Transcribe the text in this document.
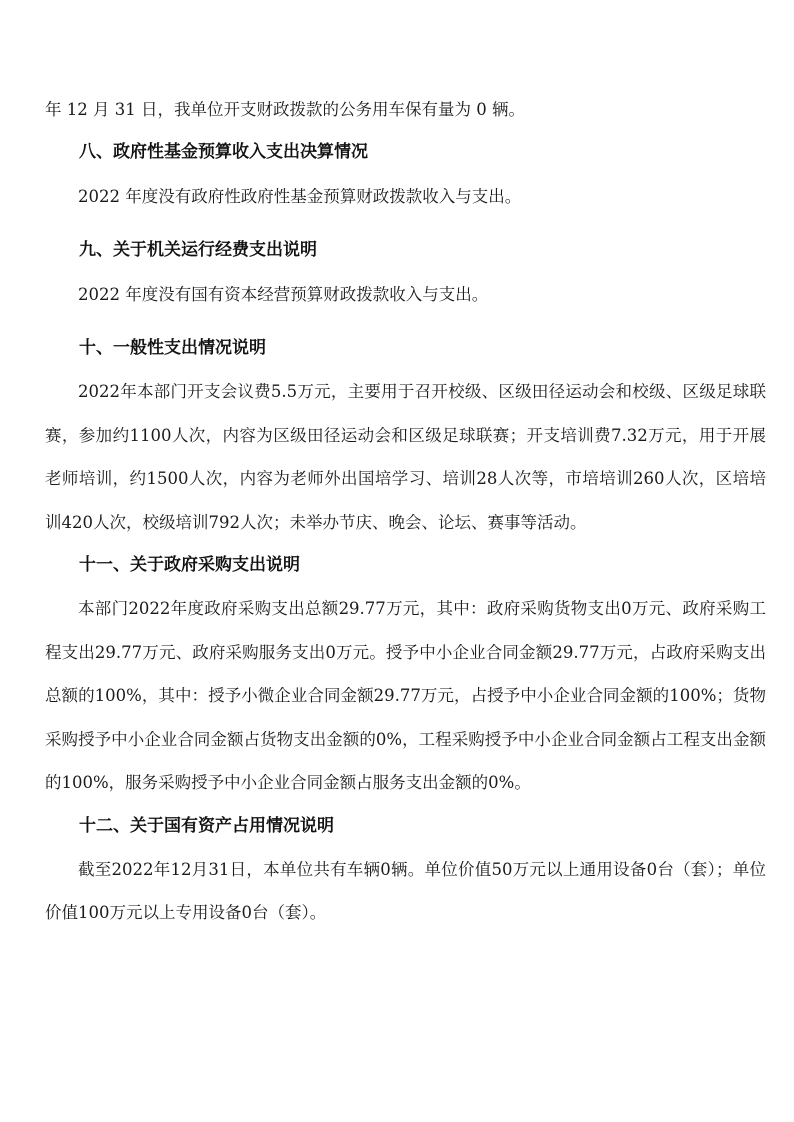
年 12 月 31 日，我单位开支财政拨款的公务用车保有量为 0 辆。

八、政府性基金预算收入支出决算情况

2022 年度没有政府性政府性基金预算财政拨款收入与支出。

九、关于机关运行经费支出说明

2022 年度没有国有资本经营预算财政拨款收入与支出。

十、一般性支出情况说明

2022年本部门开支会议费5.5万元，主要用于召开校级、区级田径运动会和校级、区级足球联赛，参加约1100人次，内容为区级田径运动会和区级足球联赛；开支培训费7.32万元，用于开展老师培训，约1500人次，内容为老师外出国培学习、培训28人次等，市培培训260人次，区培培训420人次，校级培训792人次；未举办节庆、晚会、论坛、赛事等活动。

十一、关于政府采购支出说明

本部门2022年度政府采购支出总额29.77万元，其中：政府采购货物支出0万元、政府采购工程支出29.77万元、政府采购服务支出0万元。授予中小企业合同金额29.77万元，占政府采购支出总额的100%，其中：授予小微企业合同金额29.77万元，占授予中小企业合同金额的100%；货物采购授予中小企业合同金额占货物支出金额的0%，工程采购授予中小企业合同金额占工程支出金额的100%，服务采购授予中小企业合同金额占服务支出金额的0%。

十二、关于国有资产占用情况说明

截至2022年12月31日，本单位共有车辆0辆。单位价值50万元以上通用设备0台（套）；单位价值100万元以上专用设备0台（套）。
